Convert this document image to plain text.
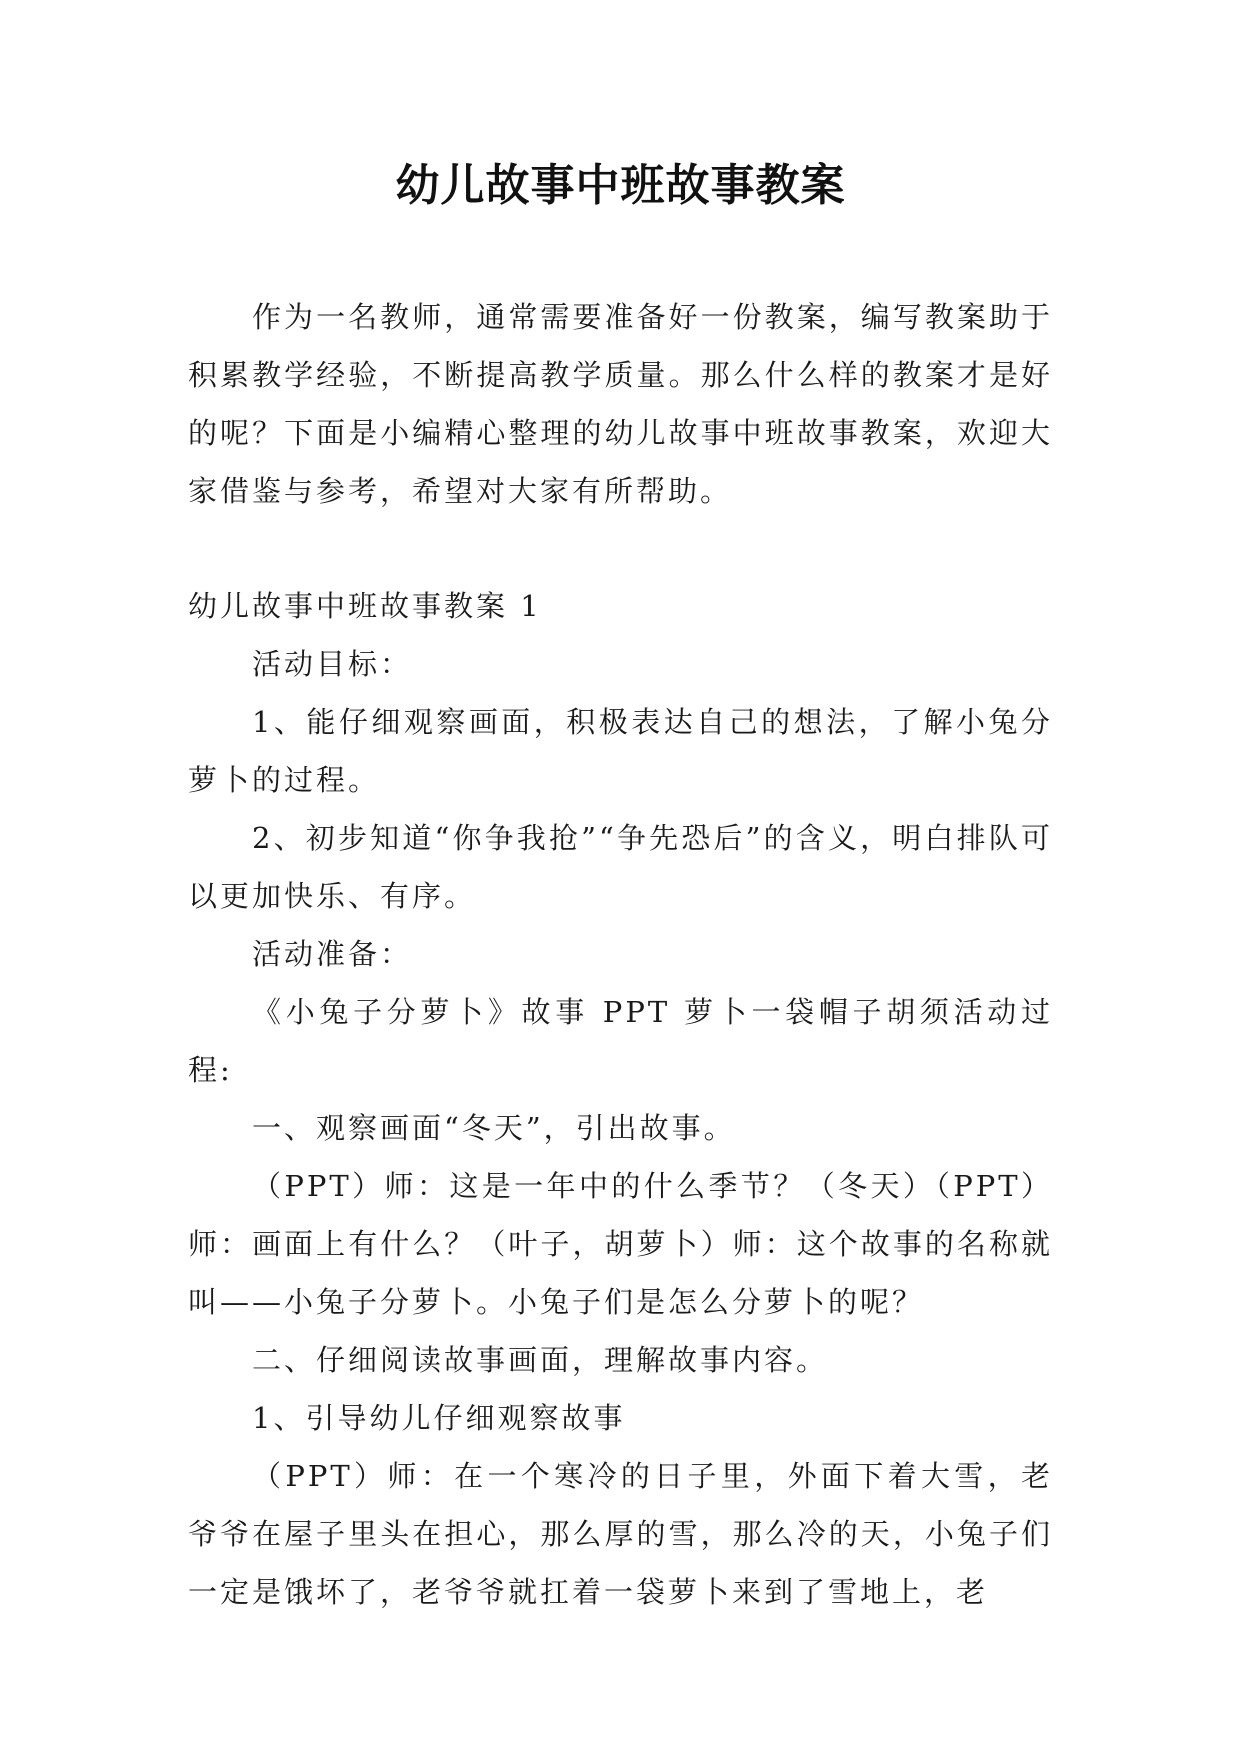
幼儿故事中班故事教案

作为一名教师，通常需要准备好一份教案，编写教案助于积累教学经验，不断提高教学质量。那么什么样的教案才是好的呢？下面是小编精心整理的幼儿故事中班故事教案，欢迎大家借鉴与参考，希望对大家有所帮助。

幼儿故事中班故事教案 1

活动目标：

1、能仔细观察画面，积极表达自己的想法，了解小兔分萝卜的过程。

2、初步知道“你争我抢”“争先恐后”的含义，明白排队可以更加快乐、有序。

活动准备：

《小兔子分萝卜》故事 PPT 萝卜一袋帽子胡须活动过程:

一、观察画面“冬天”，引出故事。

（PPT）师：这是一年中的什么季节？（冬天）（PPT）师：画面上有什么？（叶子，胡萝卜）师：这个故事的名称就叫——小兔子分萝卜。小兔子们是怎么分萝卜的呢？

二、仔细阅读故事画面，理解故事内容。

1、引导幼儿仔细观察故事

（PPT）师：在一个寒冷的日子里，外面下着大雪，老爷爷在屋子里头在担心，那么厚的雪，那么冷的天，小兔子们一定是饿坏了，老爷爷就扛着一袋萝卜来到了雪地上，老
